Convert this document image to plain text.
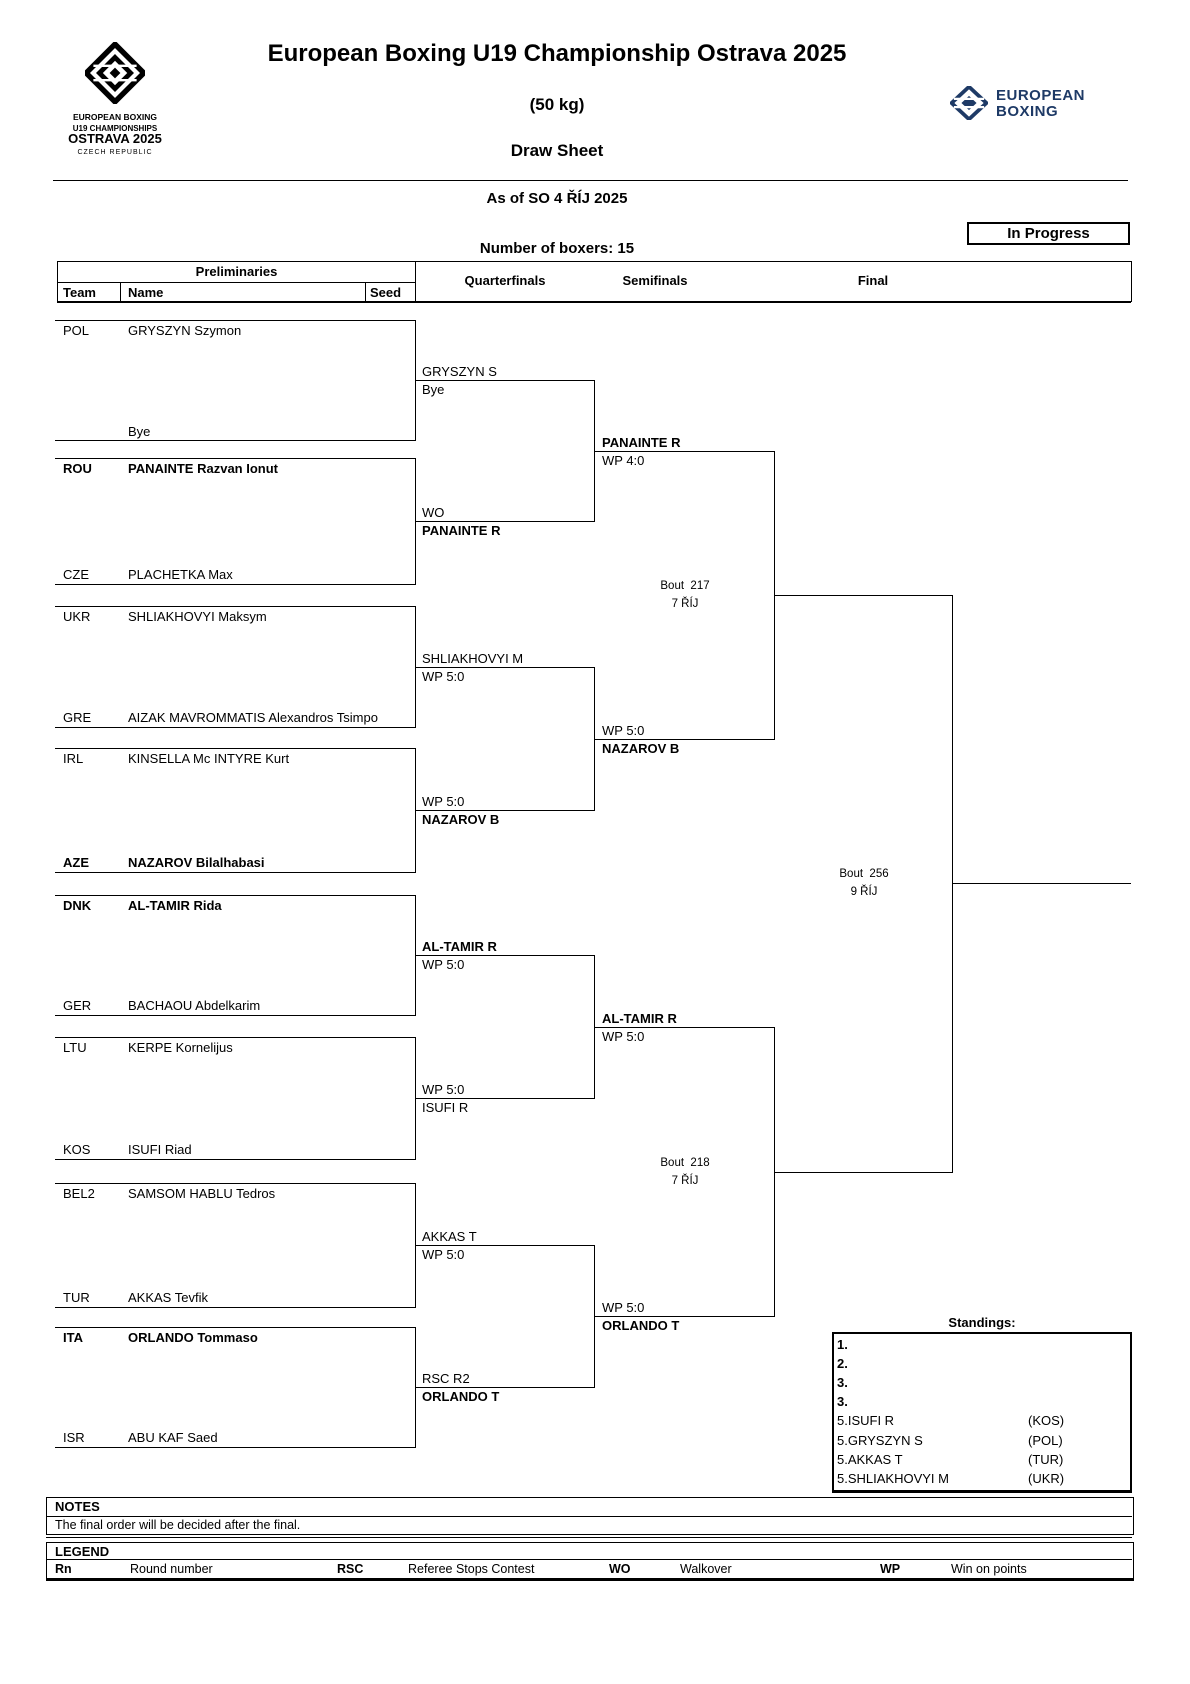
EUROPEAN BOXING
U19 CHAMPIONSHIPS
OSTRAVA 2025
CZECH REPUBLIC
European Boxing U19 Championship Ostrava 2025
(50 kg)
Draw Sheet
EUROPEAN
BOXING
As of SO 4 ŘÍJ 2025
In Progress
Number of boxers: 15
Preliminaries
Team Name	Seed
Quarterfinals	Semifinals	Final
POL	GRYSZYN Szymon
Bye
ROU	PANAINTE Razvan Ionut
CZE	PLACHETKA Max
UKR	SHLIAKHOVYI Maksym
GRE	AIZAK MAVROMMATIS Alexandros Tsimpo
IRL	KINSELLA Mc INTYRE Kurt
AZE	NAZAROV Bilalhabasi
DNK	AL-TAMIR Rida
GER	BACHAOU Abdelkarim
LTU	KERPE Kornelijus
KOS	ISUFI Riad
BEL2	SAMSOM HABLU Tedros
TUR	AKKAS Tevfik
ITA	ORLANDO Tommaso
ISR	ABU KAF Saed
GRYSZYN S
Bye
WO
PANAINTE R
SHLIAKHOVYI M
WP 5:0
WP 5:0
NAZAROV B
AL-TAMIR R
WP 5:0
WP 5:0
ISUFI R
AKKAS T
WP 5:0
RSC R2
ORLANDO T
PANAINTE R
WP 4:0
WP 5:0
NAZAROV B
AL-TAMIR R
WP 5:0
WP 5:0
ORLANDO T
Bout  217
7 ŘÍJ
Bout  218
7 ŘÍJ
Bout  256
9 ŘÍJ
Standings:
1.
2.
3.
3.
5.ISUFI R	(KOS)
5.GRYSZYN S	(POL)
5.AKKAS T	(TUR)
5.SHLIAKHOVYI M	(UKR)
NOTES
The final order will be decided after the final.
LEGEND
Rn	Round number	RSC	Referee Stops Contest	WO	Walkover	WP	Win on points
